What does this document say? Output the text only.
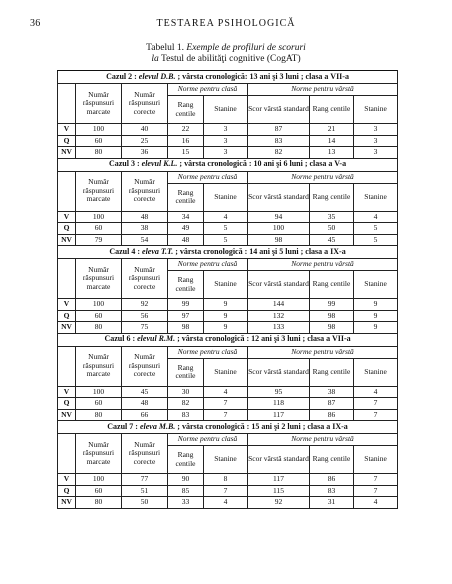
36	TESTAREA PSIHOLOGICĂ
Tabelul 1. Exemple de profiluri de scoruri
la Testul de abilităţi cognitive (CogAT)
Cazul 2 : elevul D.B. ; vârsta cronologică: 13 ani şi 3 luni ; clasa a VII-a							
	Număr răspunsuri marcate	Număr răspunsuri corecte	Norme pentru clasă		Norme pentru vârstă		
			Rang centile	Stanine	Scor vârstă standard	Rang centile	Stanine
V	100	40	22	3	87	21	3
Q	60	25	16	3	83	14	3
NV	80	36	15	3	82	13	3
Cazul 3 : elevul K.L. ; vârsta cronologică : 10 ani şi 6 luni ; clasa a V-a							
	Număr răspunsuri marcate	Număr răspunsuri corecte	Norme pentru clasă		Norme pentru vârstă		
			Rang centile	Stanine	Scor vârstă standard	Rang centile	Stanine
V	100	48	34	4	94	35	4
Q	60	38	49	5	100	50	5
NV	79	54	48	5	98	45	5
Cazul 4 : eleva T.T. ; vârsta cronologică : 14 ani şi 5 luni ; clasa a IX-a							
	Număr răspunsuri marcate	Număr răspunsuri corecte	Norme pentru clasă		Norme pentru vârstă		
			Rang centile	Stanine	Scor vârstă standard	Rang centile	Stanine
V	100	92	99	9	144	99	9
Q	60	56	97	9	132	98	9
NV	80	75	98	9	133	98	9
Cazul 6 : elevul R.M. ; vârsta cronologică : 12 ani şi 3 luni ; clasa a VII-a							
	Număr răspunsuri marcate	Număr răspunsuri corecte	Norme pentru clasă		Norme pentru vârstă		
			Rang centile	Stanine	Scor vârstă standard	Rang centile	Stanine
V	100	45	30	4	95	38	4
Q	60	48	82	7	118	87	7
NV	80	66	83	7	117	86	7
Cazul 7 : eleva M.B. ; vârsta cronologică : 15 ani şi 2 luni ; clasa a IX-a							
	Număr răspunsuri marcate	Număr răspunsuri corecte	Norme pentru clasă		Norme pentru vârstă		
			Rang centile	Stanine	Scor vârstă standard	Rang centile	Stanine
V	100	77	90	8	117	86	7
Q	60	51	85	7	115	83	7
NV	80	50	33	4	92	31	4
